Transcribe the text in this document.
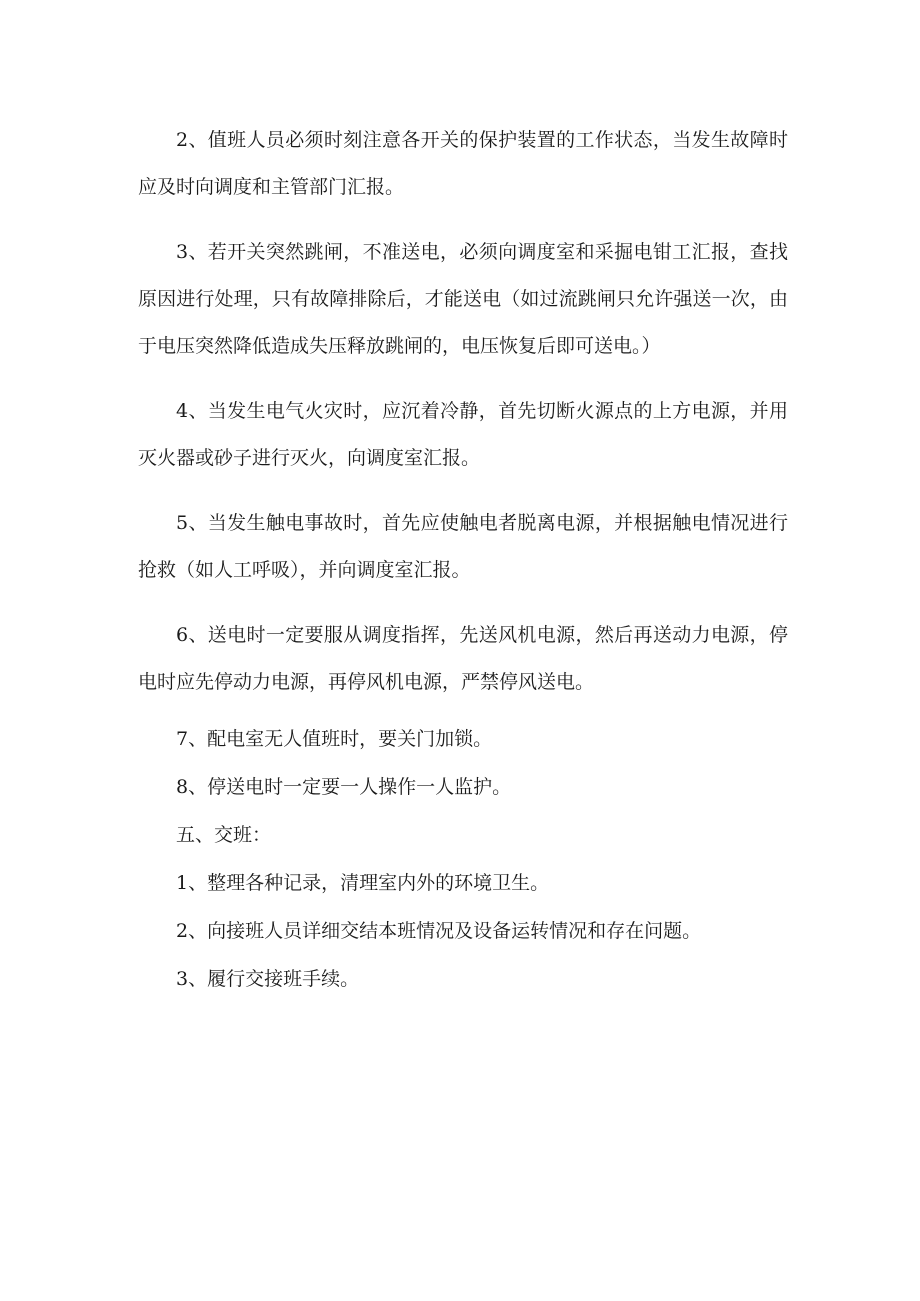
2、值班人员必须时刻注意各开关的保护装置的工作状态，当发生故障时应及时向调度和主管部门汇报。

3、若开关突然跳闸，不准送电，必须向调度室和采掘电钳工汇报，查找原因进行处理，只有故障排除后，才能送电（如过流跳闸只允许强送一次，由于电压突然降低造成失压释放跳闸的，电压恢复后即可送电。）

4、当发生电气火灾时，应沉着冷静，首先切断火源点的上方电源，并用灭火器或砂子进行灭火，向调度室汇报。

5、当发生触电事故时，首先应使触电者脱离电源，并根据触电情况进行抢救（如人工呼吸），并向调度室汇报。

6、送电时一定要服从调度指挥，先送风机电源，然后再送动力电源，停电时应先停动力电源，再停风机电源，严禁停风送电。

7、配电室无人值班时，要关门加锁。

8、停送电时一定要一人操作一人监护。

五、交班：

1、整理各种记录，清理室内外的环境卫生。

2、向接班人员详细交结本班情况及设备运转情况和存在问题。

3、履行交接班手续。
